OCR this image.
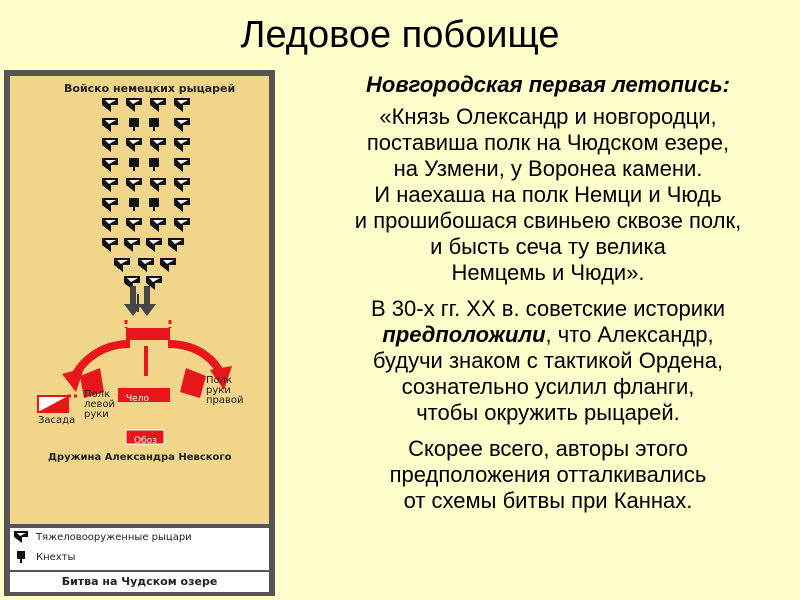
Ледовое побоище
Войско немецких рыцарей
Чело
Обоз
Полк
левой
руки
Полк
руки
правой
Засада
Дружина Александра Невского
Тяжеловооруженные рыцари
Кнехты
Битва на Чудском озере

Новгородская первая летопись:

«Князь Олександр и новгородци,
поставиша полк на Чюдском езере,
на Узмени, у Воронеа камени.
И наехаша на полк Немци и Чюдь
и прошибошася свиньею сквозе полк,
и бысть сеча ту велика
Немцемь и Чюди».

В 30-х гг. XX в. советские историки
предположили, что Александр,
будучи знаком с тактикой Ордена,
сознательно усилил фланги,
чтобы окружить рыцарей.

Скорее всего, авторы этого
предположения отталкивались
от схемы битвы при Каннах.
